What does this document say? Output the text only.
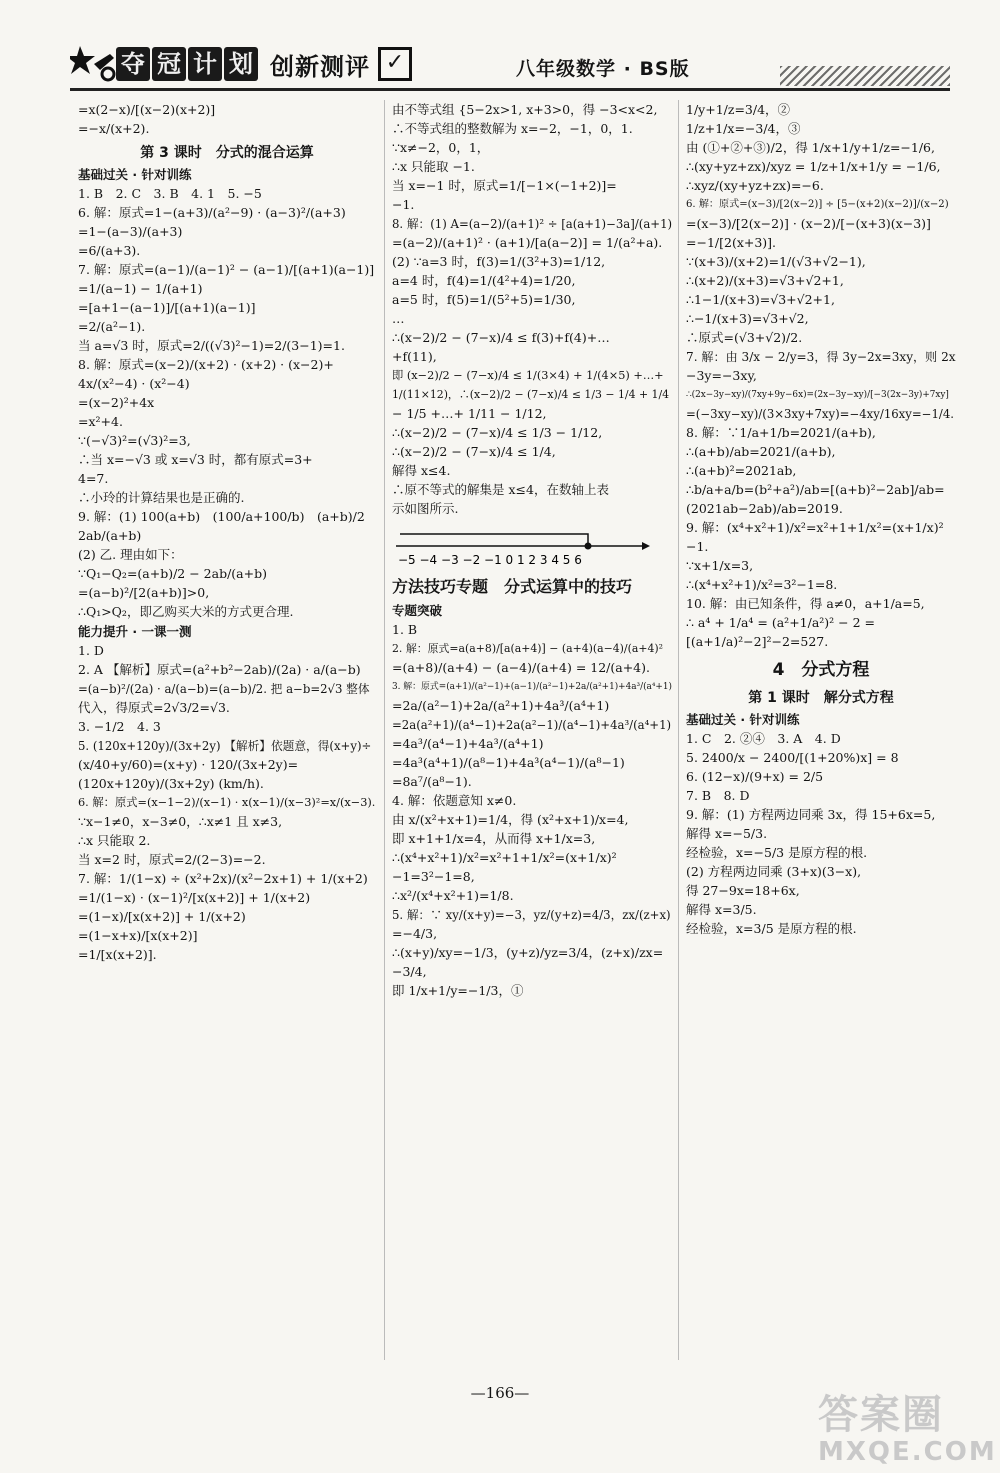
夺 冠 计 划 创新测评 ✓	八年级数学 · BS版
=x(2−x)/[(x−2)(x+2)]
=−x/(x+2).
第 3 课时　分式的混合运算
基础过关 · 针对训练
1. B　2. C　3. B　4. 1　5. −5
6. 解：原式=1−(a+3)/(a²−9) · (a−3)²/(a+3)
=1−(a−3)/(a+3)
=6/(a+3).
7. 解：原式=(a−1)/(a−1)² − (a−1)/[(a+1)(a−1)]
=1/(a−1) − 1/(a+1)
=[a+1−(a−1)]/[(a+1)(a−1)]
=2/(a²−1).
当 a=√3 时，原式=2/((√3)²−1)=2/(3−1)=1.
8. 解：原式=(x−2)/(x+2) · (x+2) · (x−2)+
4x/(x²−4) · (x²−4)
=(x−2)²+4x
=x²+4.
∵(−√3)²=(√3)²=3,
∴当 x=−√3 或 x=√3 时，都有原式=3+
4=7.
∴小玲的计算结果也是正确的.
9. 解：(1) 100(a+b)　(100/a+100/b)　(a+b)/2
2ab/(a+b)
(2) 乙. 理由如下：
∵Q₁−Q₂=(a+b)/2 − 2ab/(a+b)
=(a−b)²/[2(a+b)]>0,
∴Q₁>Q₂，即乙购买大米的方式更合理.
能力提升 · 一课一测
1. D
2. A 【解析】原式=(a²+b²−2ab)/(2a) · a/(a−b)
=(a−b)²/(2a) · a/(a−b)=(a−b)/2. 把 a−b=2√3 整体
代入，得原式=2√3/2=√3.
3. −1/2　4. 3
5. (120x+120y)/(3x+2y) 【解析】依题意，得(x+y)÷
(x/40+y/60)=(x+y) · 120/(3x+2y)=
(120x+120y)/(3x+2y) (km/h).
6. 解：原式=(x−1−2)/(x−1) · x(x−1)/(x−3)²=x/(x−3).
∵x−1≠0，x−3≠0，∴x≠1 且 x≠3,
∴x 只能取 2.
当 x=2 时，原式=2/(2−3)=−2.
7. 解：1/(1−x) ÷ (x²+2x)/(x²−2x+1) + 1/(x+2)
=1/(1−x) · (x−1)²/[x(x+2)] + 1/(x+2)
=(1−x)/[x(x+2)] + 1/(x+2)
=(1−x+x)/[x(x+2)]
=1/[x(x+2)].
由不等式组 {5−2x>1, x+3>0，得 −3<x<2,
∴不等式组的整数解为 x=−2，−1，0，1.
∵x≠−2，0，1，
∴x 只能取 −1.
当 x=−1 时，原式=1/[−1×(−1+2)]=
−1.
8. 解：(1) A=(a−2)/(a+1)² ÷ [a(a+1)−3a]/(a+1)
=(a−2)/(a+1)² · (a+1)/[a(a−2)] = 1/(a²+a).
(2) ∵a=3 时，f(3)=1/(3²+3)=1/12,
a=4 时，f(4)=1/(4²+4)=1/20,
a=5 时，f(5)=1/(5²+5)=1/30,
…
∴(x−2)/2 − (7−x)/4 ≤ f(3)+f(4)+…
+f(11),
即 (x−2)/2 − (7−x)/4 ≤ 1/(3×4) + 1/(4×5) +…+
1/(11×12)，∴(x−2)/2 − (7−x)/4 ≤ 1/3 − 1/4 + 1/4
− 1/5 +…+ 1/11 − 1/12,
∴(x−2)/2 − (7−x)/4 ≤ 1/3 − 1/12,
∴(x−2)/2 − (7−x)/4 ≤ 1/4,
解得 x≤4.
∴原不等式的解集是 x≤4，在数轴上表
示如图所示.
−5 −4 −3 −2 −1 0 1 2 3 4 5 6
方法技巧专题　分式运算中的技巧
专题突破
1. B
2. 解：原式=a(a+8)/[a(a+4)] − (a+4)(a−4)/(a+4)²
=(a+8)/(a+4) − (a−4)/(a+4) = 12/(a+4).
3. 解：原式=(a+1)/(a²−1)+(a−1)/(a²−1)+2a/(a²+1)+4a³/(a⁴+1)
=2a/(a²−1)+2a/(a²+1)+4a³/(a⁴+1)
=2a(a²+1)/(a⁴−1)+2a(a²−1)/(a⁴−1)+4a³/(a⁴+1)
=4a³/(a⁴−1)+4a³/(a⁴+1)
=4a³(a⁴+1)/(a⁸−1)+4a³(a⁴−1)/(a⁸−1)
=8a⁷/(a⁸−1).
4. 解：依题意知 x≠0.
由 x/(x²+x+1)=1/4，得 (x²+x+1)/x=4,
即 x+1+1/x=4，从而得 x+1/x=3,
∴(x⁴+x²+1)/x²=x²+1+1/x²=(x+1/x)²
−1=3²−1=8,
∴x²/(x⁴+x²+1)=1/8.
5. 解：∵ xy/(x+y)=−3，yz/(y+z)=4/3，zx/(z+x)
=−4/3,
∴(x+y)/xy=−1/3，(y+z)/yz=3/4，(z+x)/zx=
−3/4,
即 1/x+1/y=−1/3，①
1/y+1/z=3/4，②
1/z+1/x=−3/4，③
由 (①+②+③)/2，得 1/x+1/y+1/z=−1/6,
∴(xy+yz+zx)/xyz = 1/z+1/x+1/y = −1/6,
∴xyz/(xy+yz+zx)=−6.
6. 解：原式=(x−3)/[2(x−2)] ÷ [5−(x+2)(x−2)]/(x−2)
=(x−3)/[2(x−2)] · (x−2)/[−(x+3)(x−3)]
=−1/[2(x+3)].
∵(x+3)/(x+2)=1/(√3+√2−1),
∴(x+2)/(x+3)=√3+√2+1,
∴1−1/(x+3)=√3+√2+1,
∴−1/(x+3)=√3+√2,
∴原式=(√3+√2)/2.
7. 解：由 3/x − 2/y=3，得 3y−2x=3xy，则 2x
−3y=−3xy,
∴(2x−3y−xy)/(7xy+9y−6x)=(2x−3y−xy)/[−3(2x−3y)+7xy]
=(−3xy−xy)/(3×3xy+7xy)=−4xy/16xy=−1/4.
8. 解：∵1/a+1/b=2021/(a+b),
∴(a+b)/ab=2021/(a+b),
∴(a+b)²=2021ab,
∴b/a+a/b=(b²+a²)/ab=[(a+b)²−2ab]/ab=
(2021ab−2ab)/ab=2019.
9. 解：(x⁴+x²+1)/x²=x²+1+1/x²=(x+1/x)²
−1.
∵x+1/x=3,
∴(x⁴+x²+1)/x²=3²−1=8.
10. 解：由已知条件，得 a≠0，a+1/a=5,
∴ a⁴ + 1/a⁴ = (a²+1/a²)² − 2 =
[(a+1/a)²−2]²−2=527.
4　分式方程
第 1 课时　解分式方程
基础过关 · 针对训练
1. C　2. ②④　3. A　4. D
5. 2400/x − 2400/[(1+20%)x] = 8
6. (12−x)/(9+x) = 2/5
7. B　8. D
9. 解：(1) 方程两边同乘 3x，得 15+6x=5,
解得 x=−5/3.
经检验，x=−5/3 是原方程的根.
(2) 方程两边同乘 (3+x)(3−x),
得 27−9x=18+6x,
解得 x=3/5.
经检验，x=3/5 是原方程的根.
—166—	答案圈
MXQE.COM
